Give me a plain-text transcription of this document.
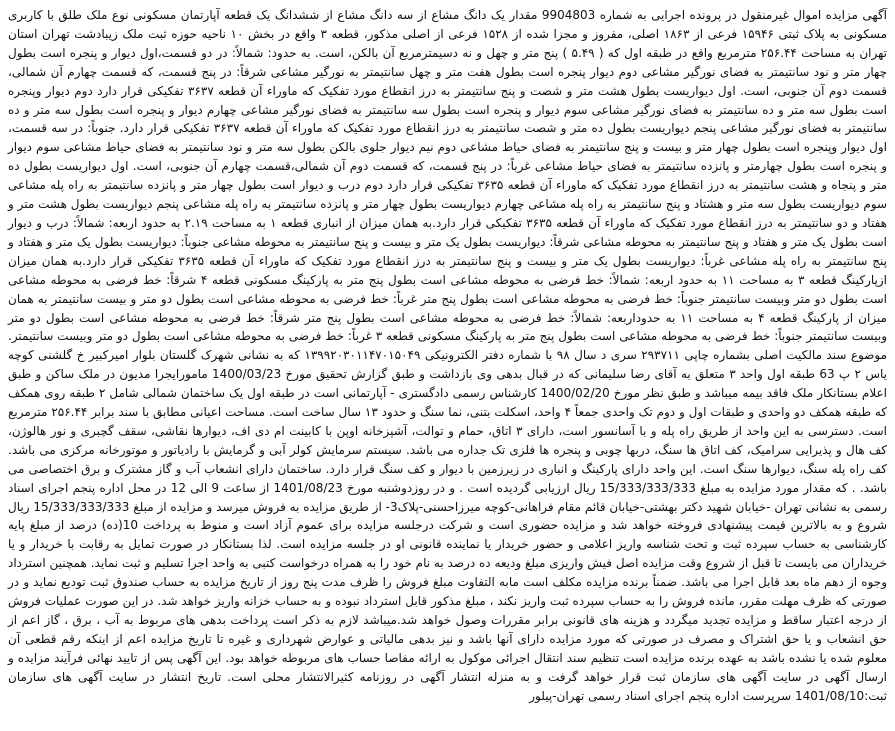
آگهی مزایده اموال غیرمنقول در پرونده اجرایی به شماره 9904803 مقدار یک دانگ مشاع از سه دانگ مشاع از ششدانگ یک قطعه آپارتمان مسکونی نوع ملک طلق با کاربری مسکونی به پلاک ثبتی ۱۵۹۴۶ فرعی از ۱۸۶۳ اصلی، مفروز و مجزا شده از ۱۵۲۸ فرعی از اصلی مذکور، قطعه ۳ واقع در بخش ۱۰ ناحیه حوزه ثبت ملک زیبادشت تهران استان تهران به مساحت ۲۵۶.۴۴ مترمربع واقع در طبقه اول که ( ۵.۴۹ ) پنج متر و چهل و نه دسیمترمربع آن بالکن، است. به حدود: شمالاً: در دو قسمت،اول دیوار و پنجره است بطول چهار متر و نود سانتیمتر به فضای نورگیر مشاعی دوم دیوار پنجره است بطول هفت متر و چهل سانتیمتر به نورگیر مشاعی شرقاً: در پنج قسمت، که قسمت چهارم آن شمالی، قسمت دوم آن جنوبی، است. اول دیواریست بطول هشت متر و شصت و پنج سانتیمتر به درز انقطاع مورد تفکیک که ماوراء آن قطعه ۳۶۳۷ تفکیکی قرار دارد دوم دیوار وپنجره است بطول سه متر و ده سانتیمتر به فضای نورگیر مشاعی سوم دیوار و پنجره است بطول سه سانتیمتر به فضای نورگیر مشاعی چهارم دیوار و پنجره است بطول سه متر و ده سانتیمتر به فضای نورگیر مشاعی پنجم دیواریست بطول ده متر و شصت سانتیمتر به درز انقطاع مورد تفکیک که ماوراء آن قطعه ۳۶۳۷ تفکیکی قرار دارد. جنوباً: در سه قسمت، اول دیوار وپنجره است بطول چهار متر و بیست و پنج سانتیمتر به فضای حیاط مشاعی دوم نیم دیوار جلوی بالکن بطول سه متر و نود سانتیمتر به فضای حیاط مشاعی سوم دیوار و پنجره است بطول چهارمتر و پانزده سانتیمتر به فضای حیاط مشاعی غرباً: در پنج قسمت، که قسمت دوم آن شمالی،قسمت چهارم آن جنوبی، است. اول دیواریست بطول ده متر و پنجاه و هشت سانتیمتر به درز انقطاع مورد تفکیک که ماوراء آن قطعه ۳۶۳۵ تفکیکی قرار دارد دوم درب و دیوار است بطول چهار متر و پانزده سانتیمتر به راه پله مشاعی سوم دیواریست بطول سه متر و هشتاد و پنج سانتیمتر به راه پله مشاعی چهارم دیواریست بطول چهار متر و پانزده سانتیمتر به راه پله مشاعی پنجم دیواریست بطول هشت متر و هفتاد و دو سانتیمتر به درز انقطاع مورد تفکیک که ماوراء آن قطعه ۳۶۳۵ تفکیکی قرار دارد.به همان میزان از انباری قطعه ۱ به مساحت ۲.۱۹ به حدود اربعه: شمالاً: درب و دیوار است بطول یک متر و هفتاد و پنج سانتیمتر به محوطه مشاعی شرقاً: دیواریست بطول یک متر و بیست و پنج سانتیمتر به محوطه مشاعی جنوباً: دیواریست بطول یک متر و هفتاد و پنج سانتیمتر به راه پله مشاعی غرباً: دیواریست بطول یک متر و بیست و پنج سانتیمتر به درز انقطاع مورد تفکیک که ماوراء آن قطعه ۳۶۳۵ تفکیکی قرار دارد.به همان میزان ازپارکینگ قطعه ۳ به مساحت ۱۱ به حدود اربعه: شمالاً: خط فرضی به محوطه مشاعی است بطول پنج متر به پارکینگ مسکونی قطعه ۴ شرقاً: خط فرضی به محوطه مشاعی است بطول دو متر وبیست سانتیمتر جنوباً: خط فرضی به محوطه مشاعی است بطول پنج متر غرباً: خط فرضی به محوطه مشاعی است بطول دو متر و بیست سانتیمتر به همان میزان از پارکینگ قطعه ۴ به مساحت ۱۱ به حدوداربعه: شمالاً: خط فرضی به محوطه مشاعی است بطول پنج متر شرقاً: خط فرضی به محوطه مشاعی است بطول دو متر وبیست سانتیمتر جنوباً: خط فرضی به محوطه مشاعی است بطول پنج متر به پارکینگ مسکونی قطعه ۳ غرباً: خط فرضی به محوطه مشاعی است بطول دو متر وبیست سانتیمتر. موضوع سند مالکیت اصلی بشماره چاپی ۲۹۳۷۱۱ سری د سال ۹۸ با شماره دفتر الکترونیکی ۱۳۹۹۲۰۳۰۱۱۴۷۰۱۵۰۴۹ که به نشانی شهرک گلستان بلوار امیرکبیر خ گلشنی کوچه یاس ۲ پ 63 طبقه اول واحد ۳ متعلق به آقای رضا سلیمانی که در قبال بدهی وی بازداشت و طبق گزارش تحقیق مورخ 1400/03/23 مامورایجرا مدیون در ملک ساکن و طبق اعلام بستانکار ملک فاقد بیمه میباشد و طبق نظر مورخ 1400/02/20 کارشناس رسمی دادگستری - آپارتمانی است در طبقه اول یک ساختمان شمالی شامل ۲ طبقه روی همکف که طبقه همکف دو واحدی و طبقات اول و دوم تک واحدی جمعاً ۴ واحد، اسکلت بتنی، نما سنگ و حدود ۱۳ سال ساخت است. مساحت اعیانی مطابق با سند برابر ۲۵۶.۴۴ مترمربع است. دسترسی به این واحد از طریق راه پله و با آسانسور است، دارای ۳ اتاق، حمام و توالت، آشپزخانه اوپن با کابینت ام دی اف، دیوارها نقاشی، سقف گچبری و نور هالوژن، کف هال و پذیرایی سرامیک، کف اتاق ها سنگ، دربها چوبی و پنجره ها فلزی تک جداره می باشد. سیستم سرمایش کولر آبی و گرمایش با رادیاتور و موتورخانه مرکزی می باشد. کف راه پله سنگ، دیوارها سنگ است. این واحد دارای پارکینگ و انباری در زیرزمین با دیوار و کف سنگ قرار دارد. ساختمان دارای انشعاب آب و گاز مشترک و برق اختصاصی می باشد. . که مقدار مورد مزایده به مبلغ 15/333/333/333 ریال ارزیابی گردیده است . و در روزدوشنبه مورخ 1401/08/23 از ساعت 9 الی 12 در محل اداره پنجم اجرای اسناد رسمی به نشانی تهران -خیابان شهید دکتر بهشتی-خیابان قائم مقام فراهانی-کوچه میرزاحسنی-پلاک3- از طریق مزایده به فروش میرسد و مزایده از مبلغ 15/333/333/333 ریال شروع و به بالاترین قیمت پیشنهادی فروخته خواهد شد و مزایده حضوری است و شرکت درجلسه مزایده برای عموم آزاد است و منوط به پرداخت 10(ده) درصد از مبلغ پایه کارشناسی به حساب سپرده ثبت و تحت شناسه واریز اعلامی و حضور خریدار یا نماینده قانونی او در جلسه مزایده است. لذا بستانکار در صورت تمایل به رقابت با خریدار و یا خریداران می بایست تا قبل از شروع وقت مزایده اصل فیش واریزی مبلغ ودیعه ده درصد به نام خود را به همراه درخواست کتبی به واحد اجرا تسلیم و ثبت نماید. همچنین استرداد وجوه از دهم ماه بعد قابل اجرا می باشد. ضمناً برنده مزایده مکلف است مابه التفاوت مبلغ فروش را ظرف مدت پنج روز از تاریخ مزایده به حساب صندوق ثبت تودیع نماید و در صورتی که ظرف مهلت مقرر، مانده فروش را به حساب سپرده ثبت واریز نکند ، مبلغ مذکور قابل استرداد نبوده و به حساب خزانه واریز خواهد شد. در این صورت عملیات فروش از درجه اعتبار ساقط و مزایده تجدید میگردد و هزینه های قانونی برابر مقررات وصول خواهد شد.میباشد لازم به ذکر است پرداخت بدهی های مربوط به آب ، برق ، گاز اعم از حق انشعاب و یا حق اشتراک و مصرف در صورتی که مورد مزایده دارای آنها باشد و نیز بدهی مالیاتی و عوارض شهرداری و غیره تا تاریخ مزایده اعم از اینکه رقم قطعی آن معلوم شده یا نشده باشد به عهده برنده مزایده است تنظیم سند انتقال اجرائی موکول به ارائه مفاصا حساب های مربوطه خواهد بود. این آگهی پس از تایید نهائی فرآیند مزایده و ارسال آگهی در سایت آگهی های سازمان ثبت قرار خواهد گرفت و به منزله انتشار آگهی در روزنامه کثیرالانتشار محلی است. تاریخ انتشار در سایت آگهی های سازمان ثبت:1401/08/10 سرپرست اداره پنجم اجرای اسناد رسمی تهران-پیلور
